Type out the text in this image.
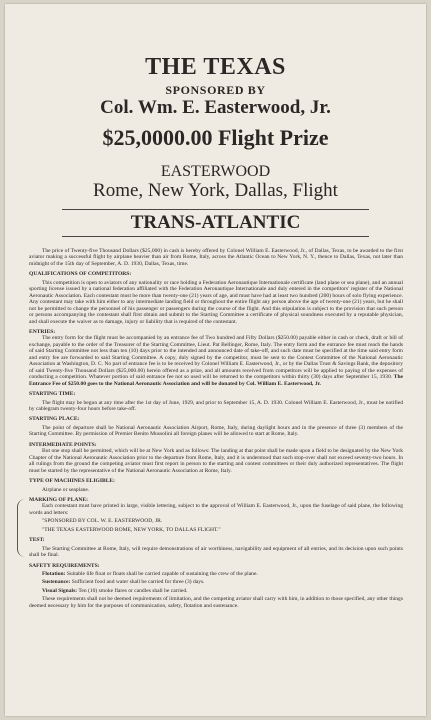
THE TEXAS
SPONSORED BY
Col. Wm. E. Easterwood, Jr.
$25,0000.00 Flight Prize
EASTERWOOD
Rome, New York, Dallas, Flight
TRANS-ATLANTIC

The price of Twenty-five Thousand Dollars ($25,000) in cash is hereby offered by Colonel William E. Easterwood, Jr., of Dallas, Texas, to be awarded to the first aviator making a successful flight by airplane heavier than air from Rome, Italy, across the Atlantic Ocean to New York, N. Y., thence to Dallas, Texas, not later than midnight of the 15th day of September, A. D. 1930, Dallas, Texas, time.

QUALIFICATIONS OF COMPETITORS:

This competition is open to aviators of any nationality or race holding a Federation Aeronautique Internationale certificate (land plane or sea plane), and an annual sporting license issued by a national federation affiliated with the Federation Aeronautique Internationale and duly entered in the competitors' register of the National Aeronautic Association. Each contestant must be more than twenty-one (21) years of age, and must have had at least two hundred (200) hours of solo flying experience. Any contestant may take with him either to any intermediate landing field or throughout the entire flight any person above the age of twenty-one (21) years, but he shall not be permitted to change the personnel of his passenger or passengers during the course of the flight. And this stipulation is subject to the provision that such person or persons accompanying the contestant shall first obtain and submit to the Starting Committee a certificate of physical soundness executed by a reputable physician, and shall execute the waiver as to damage, injury or liability that is required of the contestant.

ENTRIES:

The entry form for the flight must be accompanied by an entrance fee of Two hundred and Fifty Dollars ($250.00) payable either in cash or check, draft or bill of exchange, payable to the order of the Treasurer of the Starting Committee, Lieut. Pat Bellinger, Rome, Italy. The entry form and the entrance fee must reach the hands of said Starting Committee not less than ten (10) days prior to the intended and announced date of take-off, and such date must be specified at the time said entry form and entry fee are forwarded to said Starting Committee. A copy, duly signed by the competitor, must be sent to the Contest Committee of the National Aeronautic Association at Washington, D. C. No part of entrance fee is to be received by Colonel William E. Easterwood, Jr., or by the Dallas Trust & Savings Bank, the depository of said Twenty-five Thousand Dollars ($25,000.00) herein offered as a prize, and all amounts received from competitors will be applied to paying of the expenses of conducting a competition. Whatever portion of said entrance fee not so used will be returned to the competitors within thirty (30) days after September 15, 1930. The Entrance Fee of $250.00 goes to the National Aeronautic Association and will be donated by Col. William E. Easterwood, Jr.

STARTING TIME:

The flight may be begun at any time after the 1st day of June, 1929, and prior to September 15, A. D. 1930. Colonel William E. Easterwood, Jr., must be notified by cablegram twenty-four hours before take-off.

STARTING PLACE:

The point of departure shall be National Aeronautic Association Airport, Rome, Italy, during daylight hours and in the presence of three (3) members of the Starting Committee. By permission of Premier Benito Mussolini all foreign planes will be allowed to start at Rome, Italy.

INTERMEDIATE POINTS:

But one stop shall be permitted, which will be at New York and as follows: The landing at that point shall be made upon a field to be designated by the New York Chapter of the National Aeronautic Association prior to the departure from Rome, Italy, and it is understood that such stop-over shall not exceed seventy-two hours. In all rulings from the ground the competing aviator must first report in person to the starting and contest committees or their duly authorized representatives. The flight must be started by the representative of the National Aeronautic Association at Rome, Italy.

TYPE OF MACHINES ELIGIBLE:

Airplane or seaplane.

MARKING OF PLANE:

Each contestant must have printed in large, visible lettering, subject to the approval of William E. Easterwood, Jr., upon the fuselage of said plane, the following words and letters:

"SPONSORED BY COL. W. E. EASTERWOOD, JR.

"THE TEXAS EASTERWOOD ROME, NEW YORK, TO DALLAS FLIGHT."

TEST:

The Starting Committee at Rome, Italy, will require demonstrations of air worthiness, navigability and equipment of all entries, and its decision upon such points shall be final.

SAFETY REQUIREMENTS:

Flotation: Suitable life float or floats shall be carried capable of sustaining the crew of the plane.

Sustenance: Sufficient food and water shall be carried for three (3) days.

Visual Signals: Ten (10) smoke flares or candles shall be carried.

These requirements shall not be deemed requirements of limitation, and the competing aviator shall carry with him, in addition to those specified, any other things deemed necessary by him for the purposes of communication, safety, flotation and sustenance.
